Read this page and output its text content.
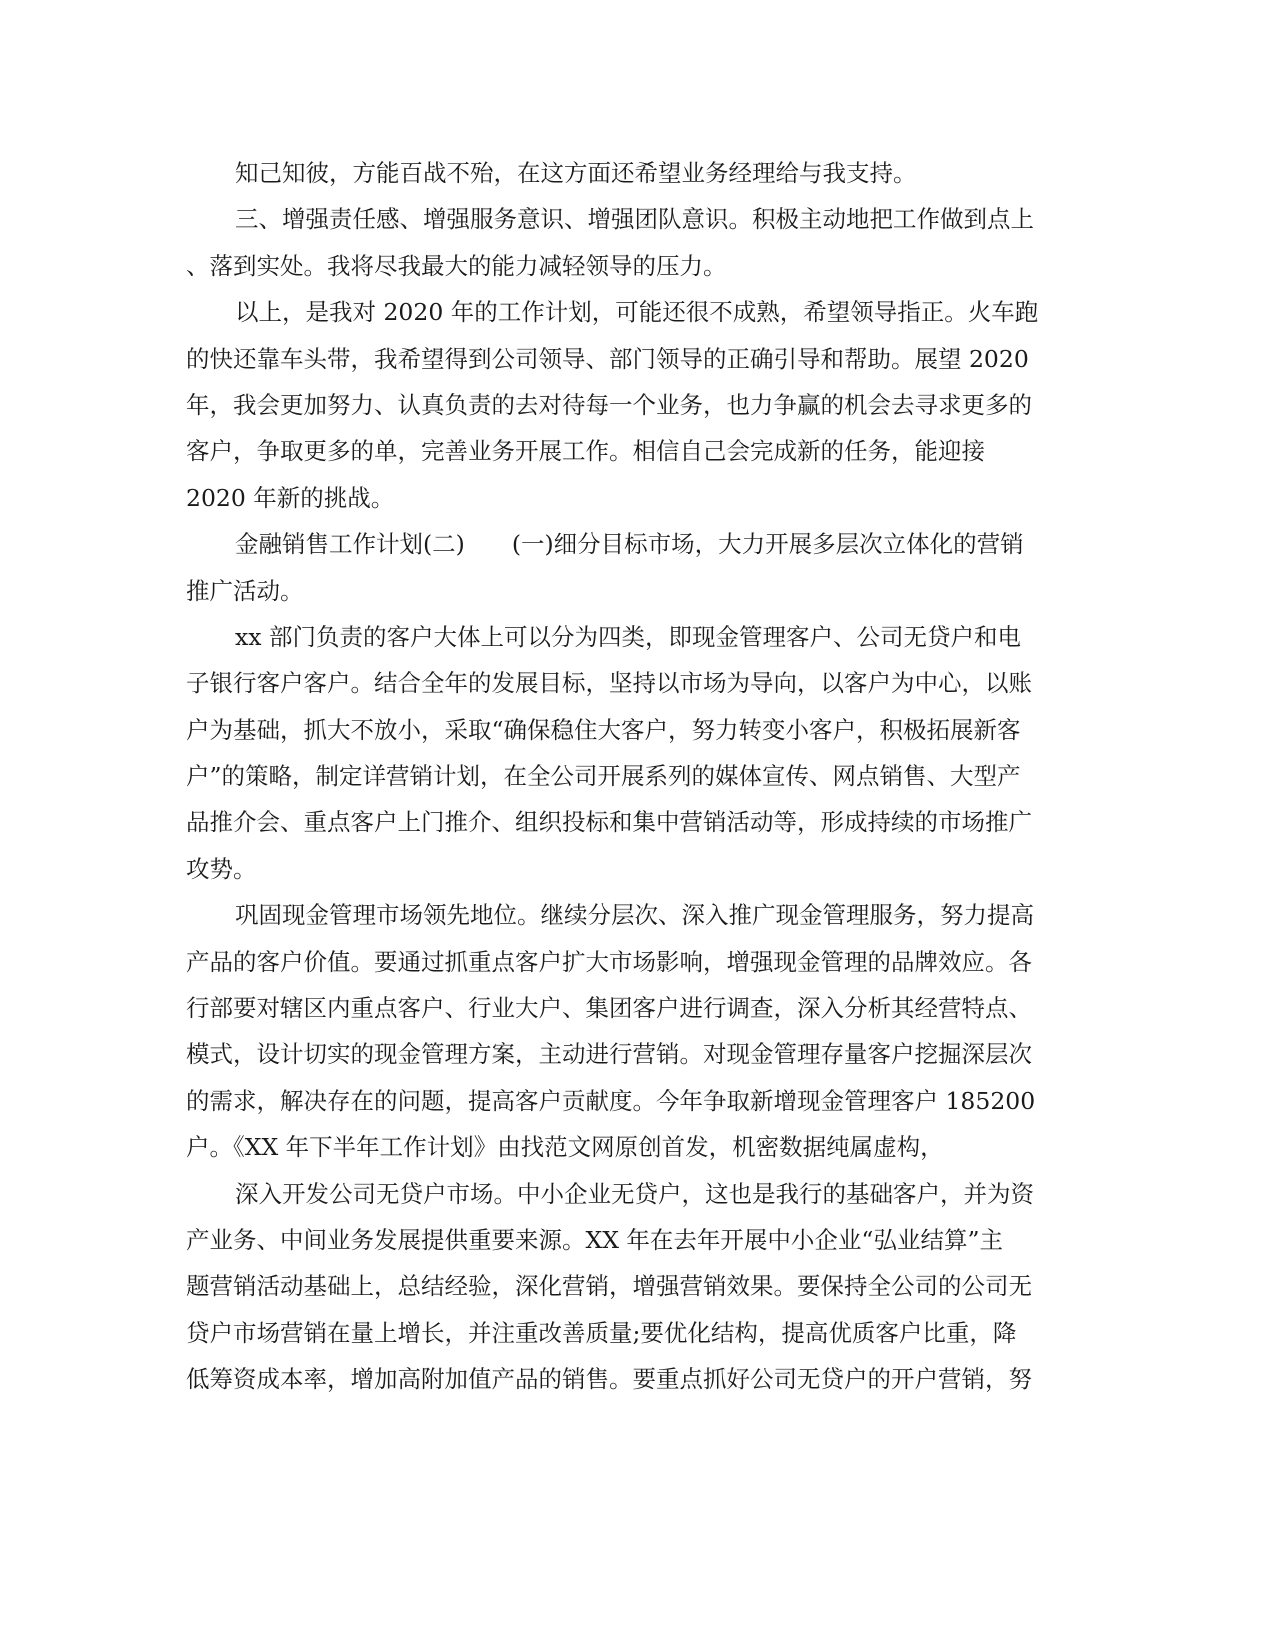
知己知彼，方能百战不殆，在这方面还希望业务经理给与我支持。
三、增强责任感、增强服务意识、增强团队意识。积极主动地把工作做到点上
、落到实处。我将尽我最大的能力减轻领导的压力。
以上，是我对 2020 年的工作计划，可能还很不成熟，希望领导指正。火车跑
的快还靠车头带，我希望得到公司领导、部门领导的正确引导和帮助。展望 2020
年，我会更加努力、认真负责的去对待每一个业务，也力争赢的机会去寻求更多的
客户，争取更多的单，完善业务开展工作。相信自己会完成新的任务，能迎接
2020 年新的挑战。
金融销售工作计划(二)　　(一)细分目标市场，大力开展多层次立体化的营销
推广活动。
xx 部门负责的客户大体上可以分为四类，即现金管理客户、公司无贷户和电
子银行客户客户。结合全年的发展目标，坚持以市场为导向，以客户为中心，以账
户为基础，抓大不放小，采取“确保稳住大客户，努力转变小客户，积极拓展新客
户”的策略，制定详营销计划，在全公司开展系列的媒体宣传、网点销售、大型产
品推介会、重点客户上门推介、组织投标和集中营销活动等，形成持续的市场推广
攻势。
巩固现金管理市场领先地位。继续分层次、深入推广现金管理服务，努力提高
产品的客户价值。要通过抓重点客户扩大市场影响，增强现金管理的品牌效应。各
行部要对辖区内重点客户、行业大户、集团客户进行调查，深入分析其经营特点、
模式，设计切实的现金管理方案，主动进行营销。对现金管理存量客户挖掘深层次
的需求，解决存在的问题，提高客户贡献度。今年争取新增现金管理客户 185200
户。《XX 年下半年工作计划》由找范文网原创首发，机密数据纯属虚构，
深入开发公司无贷户市场。中小企业无贷户，这也是我行的基础客户，并为资
产业务、中间业务发展提供重要来源。XX 年在去年开展中小企业“弘业结算”主
题营销活动基础上，总结经验，深化营销，增强营销效果。要保持全公司的公司无
贷户市场营销在量上增长，并注重改善质量;要优化结构，提高优质客户比重，降
低筹资成本率，增加高附加值产品的销售。要重点抓好公司无贷户的开户营销，努
